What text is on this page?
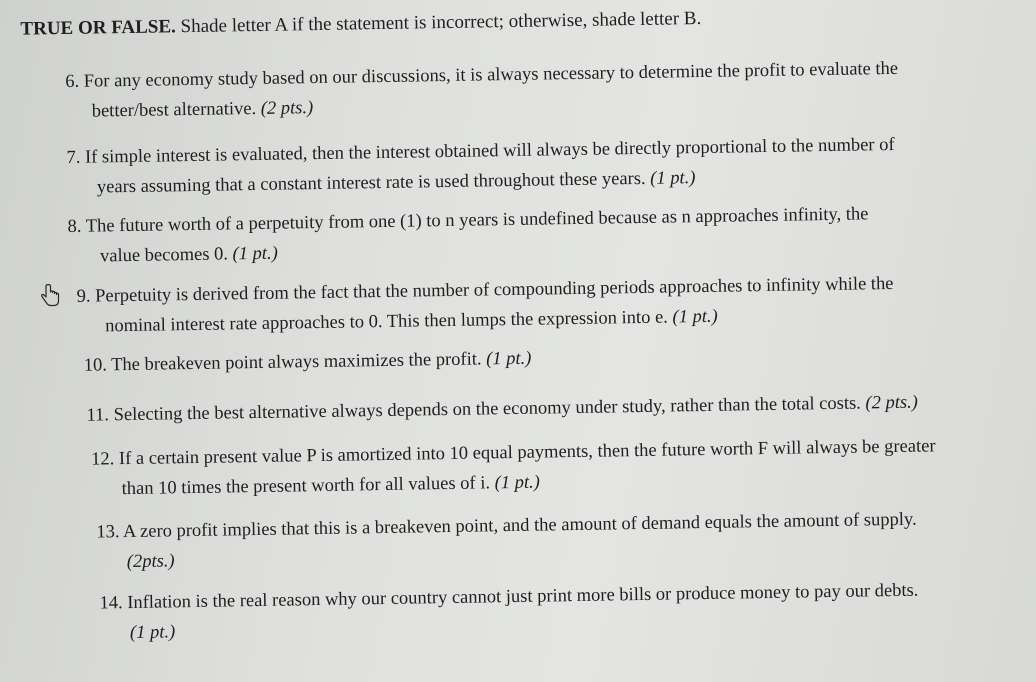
TRUE OR FALSE. Shade letter A if the statement is incorrect; otherwise, shade letter B.

6. For any economy study based on our discussions, it is always necessary to determine the profit to evaluate the
better/best alternative. (2 pts.)
7. If simple interest is evaluated, then the interest obtained will always be directly proportional to the number of
years assuming that a constant interest rate is used throughout these years. (1 pt.)
8. The future worth of a perpetuity from one (1) to n years is undefined because as n approaches infinity, the
value becomes 0. (1 pt.)
9. Perpetuity is derived from the fact that the number of compounding periods approaches to infinity while the
nominal interest rate approaches to 0. This then lumps the expression into e. (1 pt.)
10. The breakeven point always maximizes the profit. (1 pt.)
11. Selecting the best alternative always depends on the economy under study, rather than the total costs. (2 pts.)
12. If a certain present value P is amortized into 10 equal payments, then the future worth F will always be greater
than 10 times the present worth for all values of i. (1 pt.)
13. A zero profit implies that this is a breakeven point, and the amount of demand equals the amount of supply.
(2pts.)
14. Inflation is the real reason why our country cannot just print more bills or produce money to pay our debts.
(1 pt.)
